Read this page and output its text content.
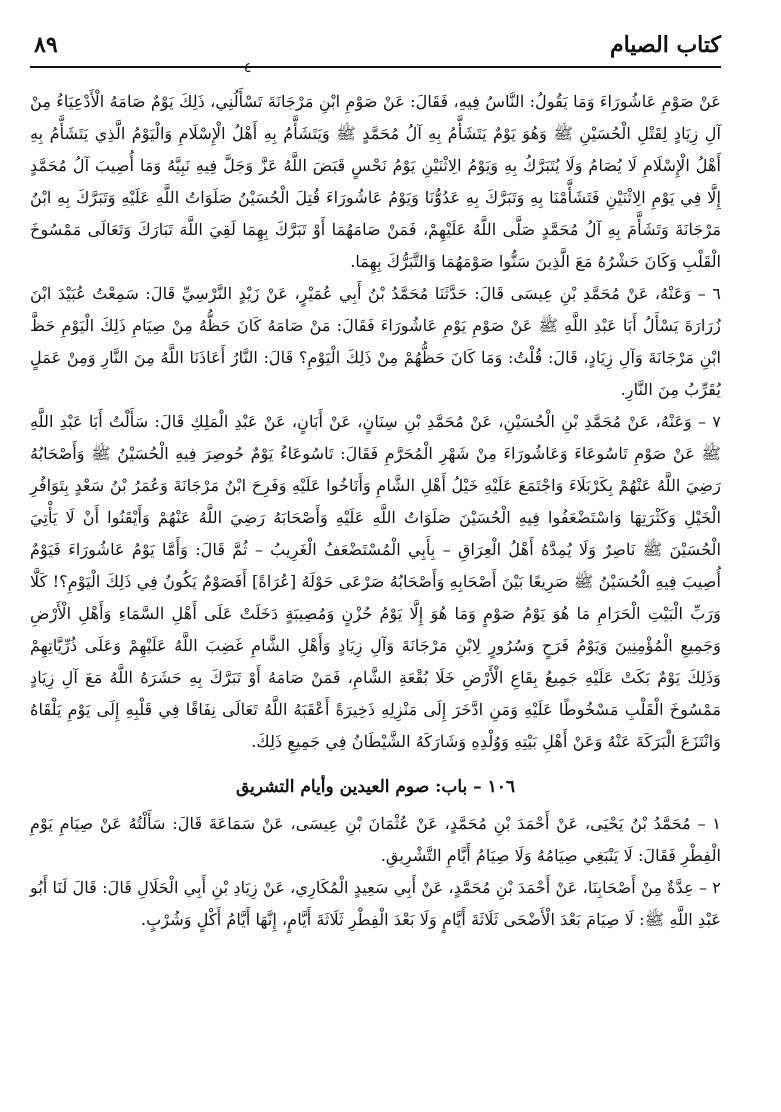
٨٩	كتاب الصيام
٤

عَنْ صَوْمِ عَاشُورَاءَ وَمَا يَقُولُ: النَّاسُ فِيهِ، فَقَالَ: عَنْ صَوْمِ ابْنِ مَرْجَانَةَ تَسْأَلُنِي، ذَلِكَ يَوْمٌ صَامَهُ الْأَدْعِيَاءُ مِنْ آلِ زِيَادٍ لِقَتْلِ الْحُسَيْنِ ﷺ وَهُوَ يَوْمٌ يَتَشَأَّمُ بِهِ آلُ مُحَمَّدٍ ﷺ وَيَتَشَأَّمُ بِهِ أَهْلُ الْإِسْلَامِ وَالْيَوْمُ الَّذِي يَتَشَأَّمُ بِهِ أَهْلُ الْإِسْلَامِ لَا يُصَامُ وَلَا يُتَبَرَّكُ بِهِ وَيَوْمُ الِاثْنَيْنِ يَوْمُ نَحْسٍ قَبَضَ اللَّهُ عَزَّ وَجَلَّ فِيهِ نَبِيَّهُ وَمَا أُصِيبَ آلُ مُحَمَّدٍ إِلَّا فِي يَوْمِ الِاثْنَيْنِ فَتَشَأَّمْنَا بِهِ وَتَبَرَّكَ بِهِ عَدُوُّنَا وَيَوْمُ عَاشُورَاءَ قُتِلَ الْحُسَيْنُ صَلَوَاتُ اللَّهِ عَلَيْهِ وَتَبَرَّكَ بِهِ ابْنُ مَرْجَانَةَ وَتَشَأَّمَ بِهِ آلُ مُحَمَّدٍ صَلَّى اللَّهُ عَلَيْهِمْ، فَمَنْ صَامَهُمَا أَوْ تَبَرَّكَ بِهِمَا لَقِيَ اللَّهَ تَبَارَكَ وَتَعَالَى مَمْسُوخَ الْقَلْبِ وَكَانَ حَشْرُهُ مَعَ الَّذِينَ سَنُّوا صَوْمَهُمَا وَالتَّبَرُّكَ بِهِمَا.

٦ – وَعَنْهُ، عَنْ مُحَمَّدِ بْنِ عِيسَى قَالَ: حَدَّثَنَا مُحَمَّدُ بْنُ أَبِي عُمَيْرٍ، عَنْ زَيْدٍ النَّرْسِيِّ قَالَ: سَمِعْتُ عُبَيْدَ ابْنَ زُرَارَةَ يَسْأَلُ أَبَا عَبْدِ اللَّهِ ﷺ عَنْ صَوْمِ يَوْمِ عَاشُورَاءَ فَقَالَ: مَنْ صَامَهُ كَانَ حَظُّهُ مِنْ صِيَامِ ذَلِكَ الْيَوْمِ حَظَّ ابْنِ مَرْجَانَةَ وَآلِ زِيَادٍ، قَالَ: قُلْتُ: وَمَا كَانَ حَظُّهُمْ مِنْ ذَلِكَ الْيَوْمِ؟ قَالَ: النَّارُ أَعَاذَنَا اللَّهُ مِنَ النَّارِ وَمِنْ عَمَلٍ يُقَرِّبُ مِنَ النَّارِ.

٧ – وَعَنْهُ، عَنْ مُحَمَّدِ بْنِ الْحُسَيْنِ، عَنْ مُحَمَّدِ بْنِ سِنَانٍ، عَنْ أَبَانٍ، عَنْ عَبْدِ الْمَلِكِ قَالَ: سَأَلْتُ أَبَا عَبْدِ اللَّهِ ﷺ عَنْ صَوْمِ تَاسُوعَاءَ وَعَاشُورَاءَ مِنْ شَهْرِ الْمُحَرَّمِ فَقَالَ: تَاسُوعَاءُ يَوْمٌ حُوصِرَ فِيهِ الْحُسَيْنُ ﷺ وَأَصْحَابُهُ رَضِيَ اللَّهُ عَنْهُمْ بِكَرْبَلَاءَ وَاجْتَمَعَ عَلَيْهِ خَيْلُ أَهْلِ الشَّامِ وَأَنَاخُوا عَلَيْهِ وَفَرِحَ ابْنُ مَرْجَانَةَ وَعُمَرُ بْنُ سَعْدٍ بِتَوَافُرِ الْخَيْلِ وَكَثْرَتِهَا وَاسْتَضْعَفُوا فِيهِ الْحُسَيْنَ صَلَوَاتُ اللَّهِ عَلَيْهِ وَأَصْحَابَهُ رَضِيَ اللَّهُ عَنْهُمْ وَأَيْقَنُوا أَنْ لَا يَأْتِيَ الْحُسَيْنَ ﷺ نَاصِرٌ وَلَا يُمِدَّهُ أَهْلُ الْعِرَاقِ – بِأَبِي الْمُسْتَضْعَفُ الْغَرِيبُ – ثُمَّ قَالَ: وَأَمَّا يَوْمُ عَاشُورَاءَ فَيَوْمٌ أُصِيبَ فِيهِ الْحُسَيْنُ ﷺ صَرِيعًا بَيْنَ أَصْحَابِهِ وَأَصْحَابُهُ صَرْعَى حَوْلَهُ [عُرَاةً] أَفَصَوْمٌ يَكُونُ فِي ذَلِكَ الْيَوْمِ؟! كَلَّا وَرَبِّ الْبَيْتِ الْحَرَامِ مَا هُوَ يَوْمُ صَوْمٍ وَمَا هُوَ إِلَّا يَوْمُ حُزْنٍ وَمُصِيبَةٍ دَخَلَتْ عَلَى أَهْلِ السَّمَاءِ وَأَهْلِ الْأَرْضِ وَجَمِيعِ الْمُؤْمِنِينَ وَيَوْمُ فَرَحٍ وَسُرُورٍ لِابْنِ مَرْجَانَةَ وَآلِ زِيَادٍ وَأَهْلِ الشَّامِ غَضِبَ اللَّهُ عَلَيْهِمْ وَعَلَى ذُرِّيَّاتِهِمْ وَذَلِكَ يَوْمٌ بَكَتْ عَلَيْهِ جَمِيعُ بِقَاعِ الْأَرْضِ خَلَا بُقْعَةِ الشَّامِ، فَمَنْ صَامَهُ أَوْ تَبَرَّكَ بِهِ حَشَرَهُ اللَّهُ مَعَ آلِ زِيَادٍ مَمْسُوخَ الْقَلْبِ مَسْخُوطًا عَلَيْهِ وَمَنِ ادَّخَرَ إِلَى مَنْزِلِهِ ذَخِيرَةً أَعْقَبَهُ اللَّهُ تَعَالَى نِفَاقًا فِي قَلْبِهِ إِلَى يَوْمِ يَلْقَاهُ وَانْتَزَعَ الْبَرَكَةَ عَنْهُ وَعَنْ أَهْلِ بَيْتِهِ وَوُلْدِهِ وَشَارَكَهُ الشَّيْطَانُ فِي جَمِيعِ ذَلِكَ.

١٠٦ – باب: صوم العيدين وأيام التشريق

١ – مُحَمَّدُ بْنُ يَحْيَى، عَنْ أَحْمَدَ بْنِ مُحَمَّدٍ، عَنْ عُثْمَانَ بْنِ عِيسَى، عَنْ سَمَاعَةَ قَالَ: سَأَلْتُهُ عَنْ صِيَامِ يَوْمِ الْفِطْرِ فَقَالَ: لَا يَنْبَغِي صِيَامُهُ وَلَا صِيَامُ أَيَّامِ التَّشْرِيقِ.

٢ – عِدَّةٌ مِنْ أَصْحَابِنَا، عَنْ أَحْمَدَ بْنِ مُحَمَّدٍ، عَنْ أَبِي سَعِيدٍ الْمُكَارِي، عَنْ زِيَادِ بْنِ أَبِي الْحَلَالِ قَالَ: قَالَ لَنَا أَبُو عَبْدِ اللَّهِ ﷺ: لَا صِيَامَ بَعْدَ الْأَضْحَى ثَلَاثَةَ أَيَّامٍ وَلَا بَعْدَ الْفِطْرِ ثَلَاثَةَ أَيَّامٍ، إِنَّهَا أَيَّامُ أَكْلٍ وَشُرْبٍ.
